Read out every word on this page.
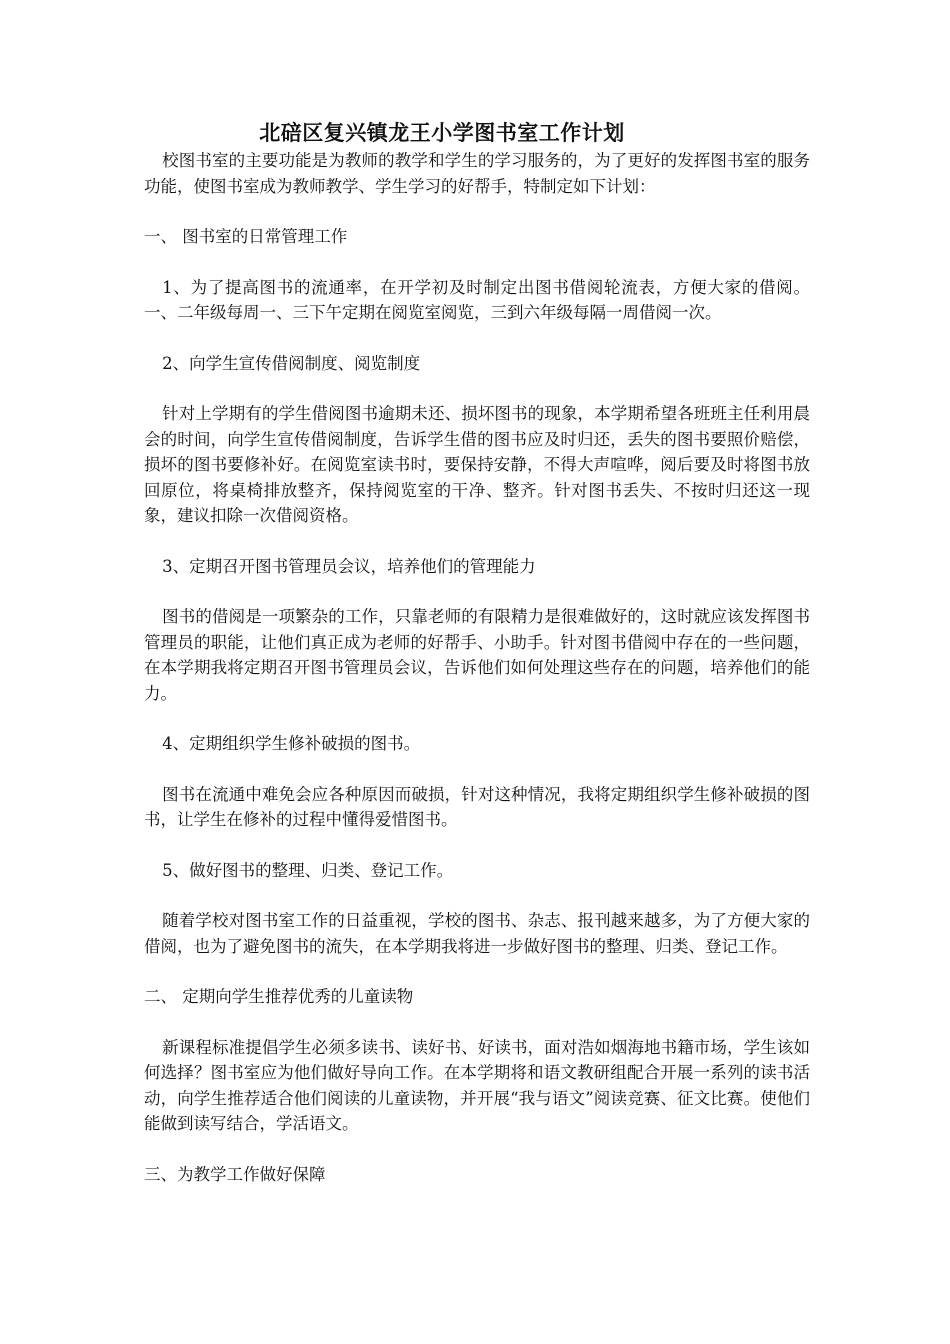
北碚区复兴镇龙王小学图书室工作计划

校图书室的主要功能是为教师的教学和学生的学习服务的，为了更好的发挥图书室的服务功能，使图书室成为教师教学、学生学习的好帮手，特制定如下计划：

一、 图书室的日常管理工作

1、为了提高图书的流通率，在开学初及时制定出图书借阅轮流表，方便大家的借阅。一、二年级每周一、三下午定期在阅览室阅览，三到六年级每隔一周借阅一次。

2、向学生宣传借阅制度、阅览制度

针对上学期有的学生借阅图书逾期未还、损坏图书的现象，本学期希望各班班主任利用晨会的时间，向学生宣传借阅制度，告诉学生借的图书应及时归还，丢失的图书要照价赔偿，损坏的图书要修补好。在阅览室读书时，要保持安静，不得大声喧哗，阅后要及时将图书放回原位，将桌椅排放整齐，保持阅览室的干净、整齐。针对图书丢失、不按时归还这一现象，建议扣除一次借阅资格。

3、定期召开图书管理员会议，培养他们的管理能力

图书的借阅是一项繁杂的工作，只靠老师的有限精力是很难做好的，这时就应该发挥图书管理员的职能，让他们真正成为老师的好帮手、小助手。针对图书借阅中存在的一些问题，在本学期我将定期召开图书管理员会议，告诉他们如何处理这些存在的问题，培养他们的能力。

4、定期组织学生修补破损的图书。

图书在流通中难免会应各种原因而破损，针对这种情况，我将定期组织学生修补破损的图书，让学生在修补的过程中懂得爱惜图书。

5、做好图书的整理、归类、登记工作。

随着学校对图书室工作的日益重视，学校的图书、杂志、报刊越来越多，为了方便大家的借阅，也为了避免图书的流失，在本学期我将进一步做好图书的整理、归类、登记工作。

二、 定期向学生推荐优秀的儿童读物

新课程标准提倡学生必须多读书、读好书、好读书，面对浩如烟海地书籍市场，学生该如何选择？图书室应为他们做好导向工作。在本学期将和语文教研组配合开展一系列的读书活动，向学生推荐适合他们阅读的儿童读物，并开展“我与语文”阅读竞赛、征文比赛。使他们能做到读写结合，学活语文。

三、为教学工作做好保障
